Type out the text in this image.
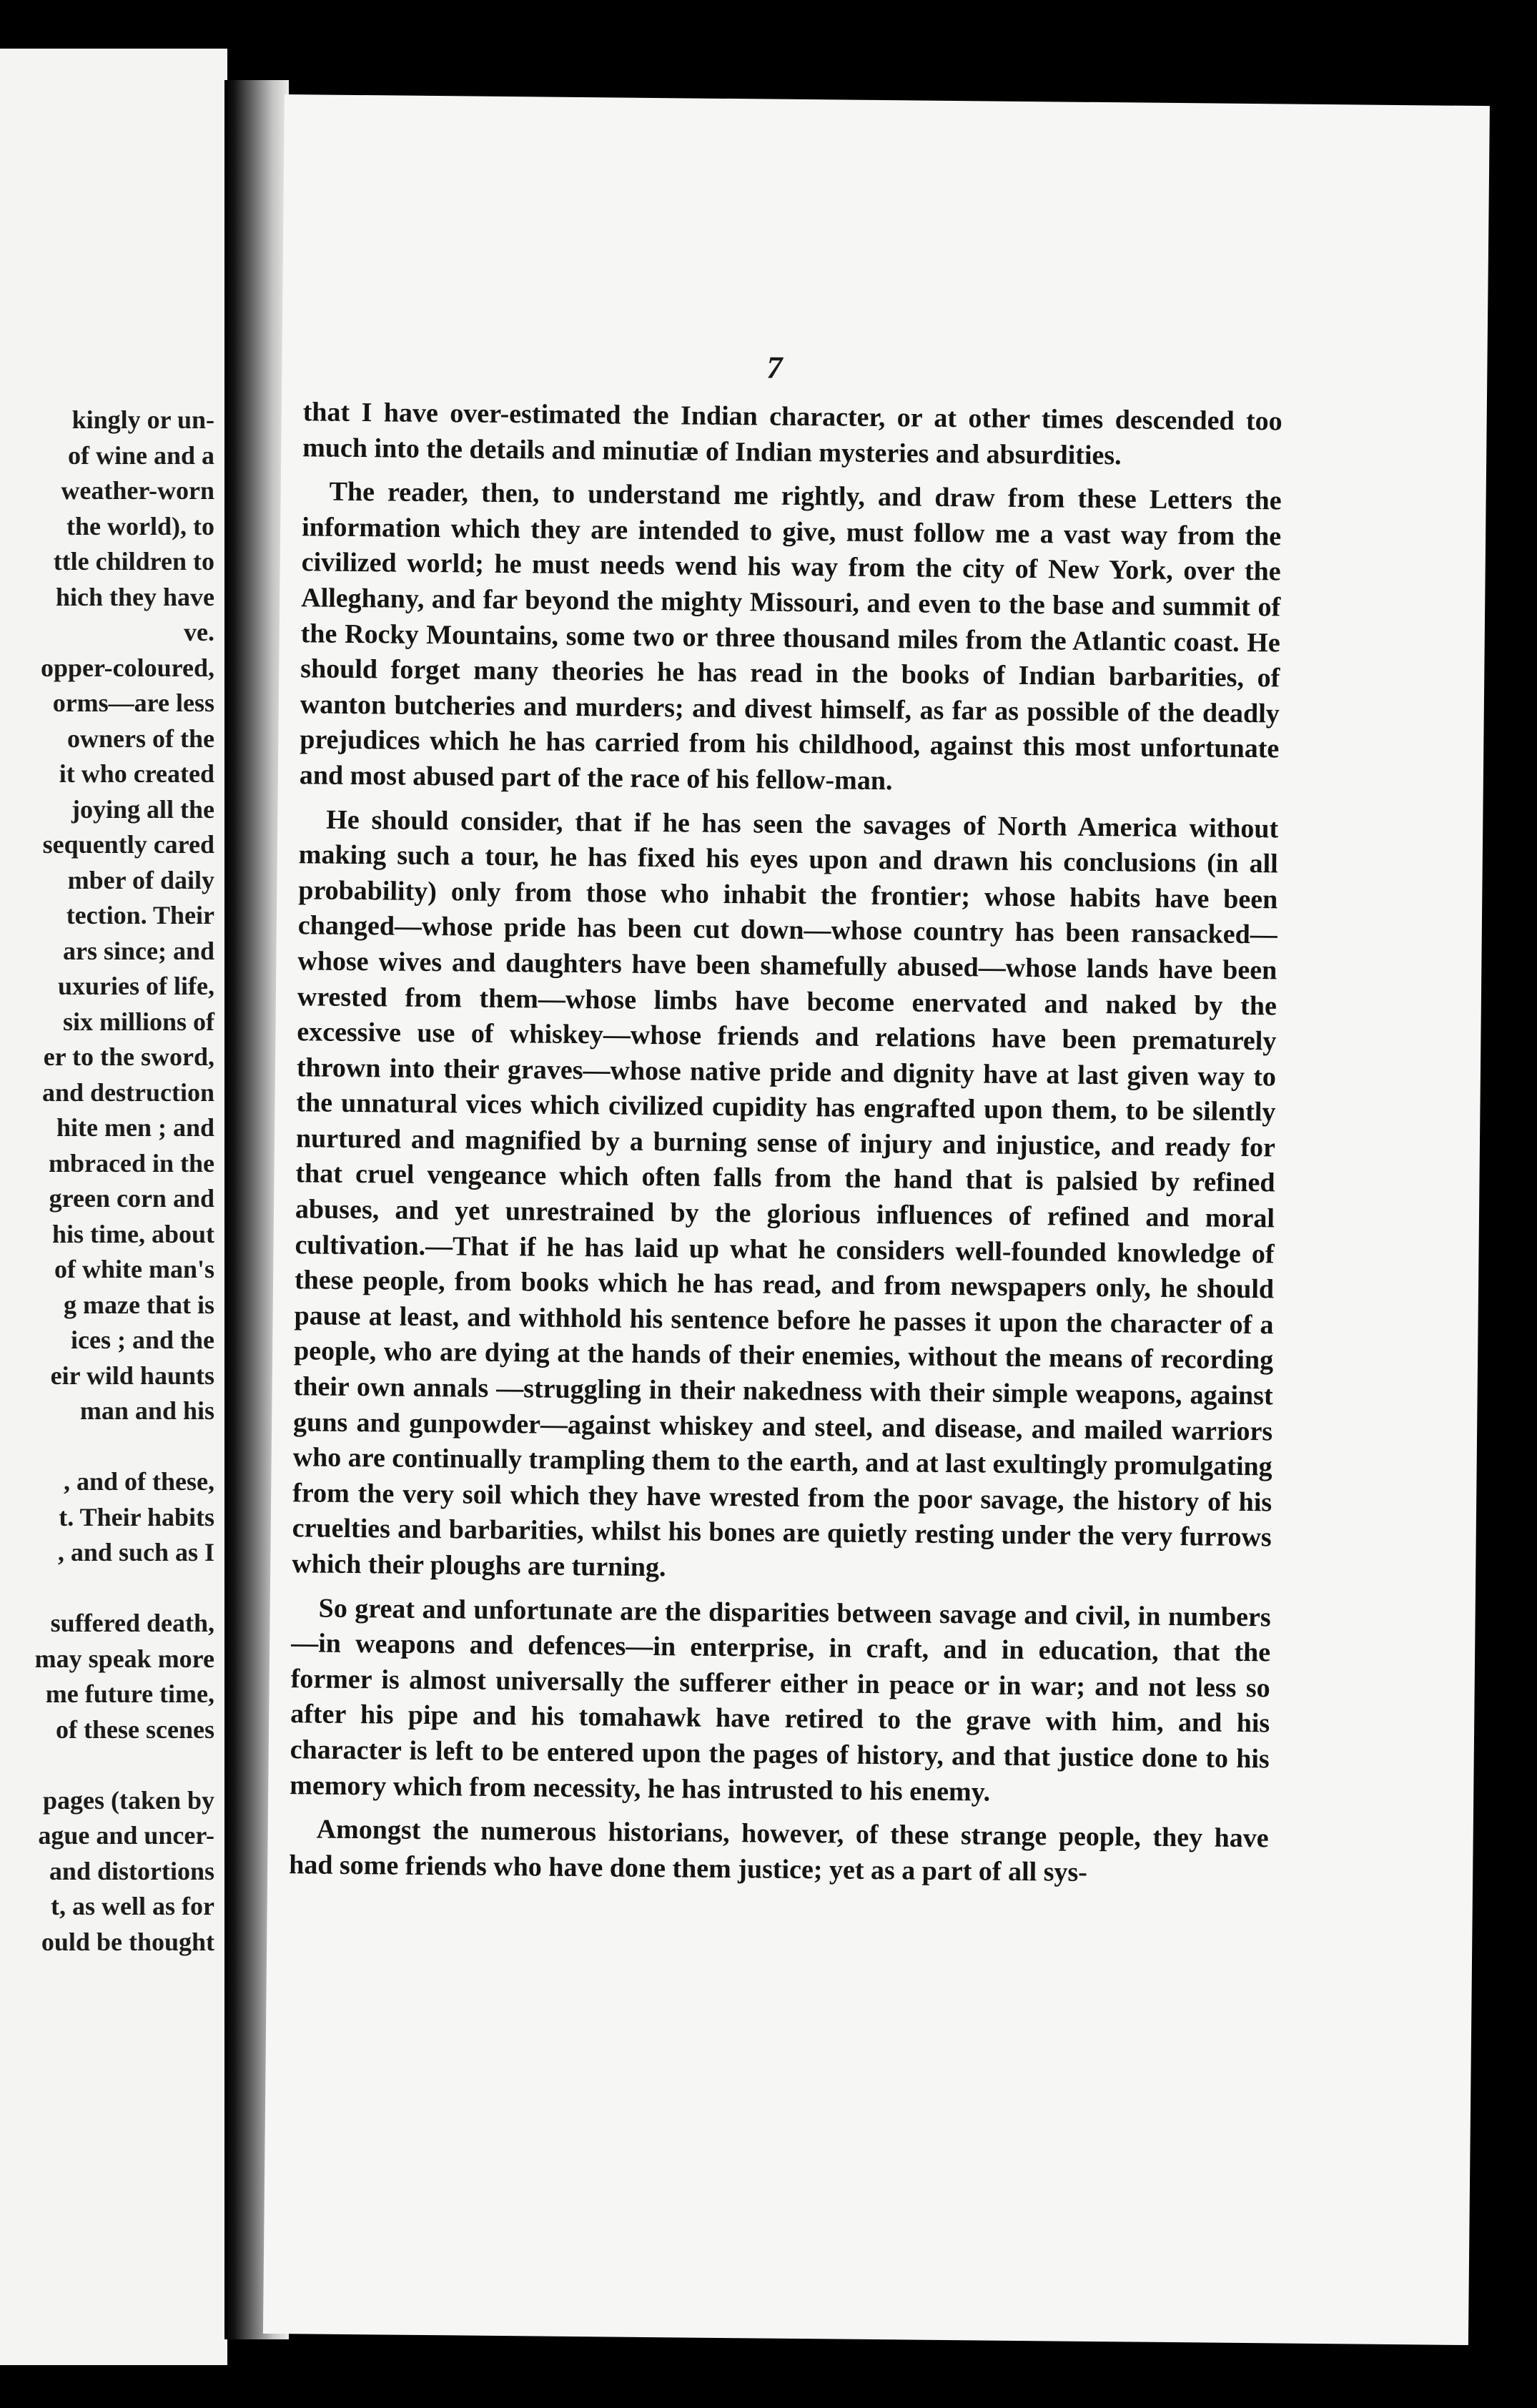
kingly or un-
of wine and a
weather-worn
the world), to
ttle children to
hich they have
ve.
opper-coloured,
orms—are less
owners of the
it who created
joying all the
sequently cared
mber of daily
tection. Their
ars since; and
uxuries of life,
six millions of
er to the sword,
and destruction
hite men ; and
mbraced in the
green corn and
his time, about
of white man's
g maze that is
ices ; and the
eir wild haunts
man and his
, and of these,
t. Their habits
, and such as I
suffered death,
may speak more
me future time,
of these scenes
pages (taken by
ague and uncer-
and distortions
t, as well as for
ould be thought
7

that I have over-estimated the Indian character, or at other times descended too much into the details and minutiæ of Indian mysteries and absurdities.

The reader, then, to understand me rightly, and draw from these Letters the information which they are intended to give, must follow me a vast way from the civilized world; he must needs wend his way from the city of New York, over the Alleghany, and far beyond the mighty Missouri, and even to the base and summit of the Rocky Mountains, some two or three thousand miles from the Atlantic coast. He should forget many theories he has read in the books of Indian barbarities, of wanton butcheries and murders; and divest himself, as far as possible of the deadly prejudices which he has carried from his childhood, against this most unfortunate and most abused part of the race of his fellow-man.

He should consider, that if he has seen the savages of North America without making such a tour, he has fixed his eyes upon and drawn his conclusions (in all probability) only from those who inhabit the frontier; whose habits have been changed—whose pride has been cut down—whose country has been ransacked—whose wives and daughters have been shamefully abused—whose lands have been wrested from them—whose limbs have become enervated and naked by the excessive use of whiskey—whose friends and relations have been prematurely thrown into their graves—whose native pride and dignity have at last given way to the unnatural vices which civilized cupidity has engrafted upon them, to be silently nurtured and magnified by a burning sense of injury and injustice, and ready for that cruel vengeance which often falls from the hand that is palsied by refined abuses, and yet unrestrained by the glorious influences of refined and moral cultivation.—That if he has laid up what he considers well-founded knowledge of these people, from books which he has read, and from newspapers only, he should pause at least, and withhold his sentence before he passes it upon the character of a people, who are dying at the hands of their enemies, without the means of recording their own annals —struggling in their nakedness with their simple weapons, against guns and gunpowder—against whiskey and steel, and disease, and mailed warriors who are continually trampling them to the earth, and at last exultingly promulgating from the very soil which they have wrested from the poor savage, the history of his cruelties and barbarities, whilst his bones are quietly resting under the very furrows which their ploughs are turning.

So great and unfortunate are the disparities between savage and civil, in numbers—in weapons and defences—in enterprise, in craft, and in education, that the former is almost universally the sufferer either in peace or in war; and not less so after his pipe and his tomahawk have retired to the grave with him, and his character is left to be entered upon the pages of history, and that justice done to his memory which from necessity, he has intrusted to his enemy.

Amongst the numerous historians, however, of these strange people, they have had some friends who have done them justice; yet as a part of all sys-
